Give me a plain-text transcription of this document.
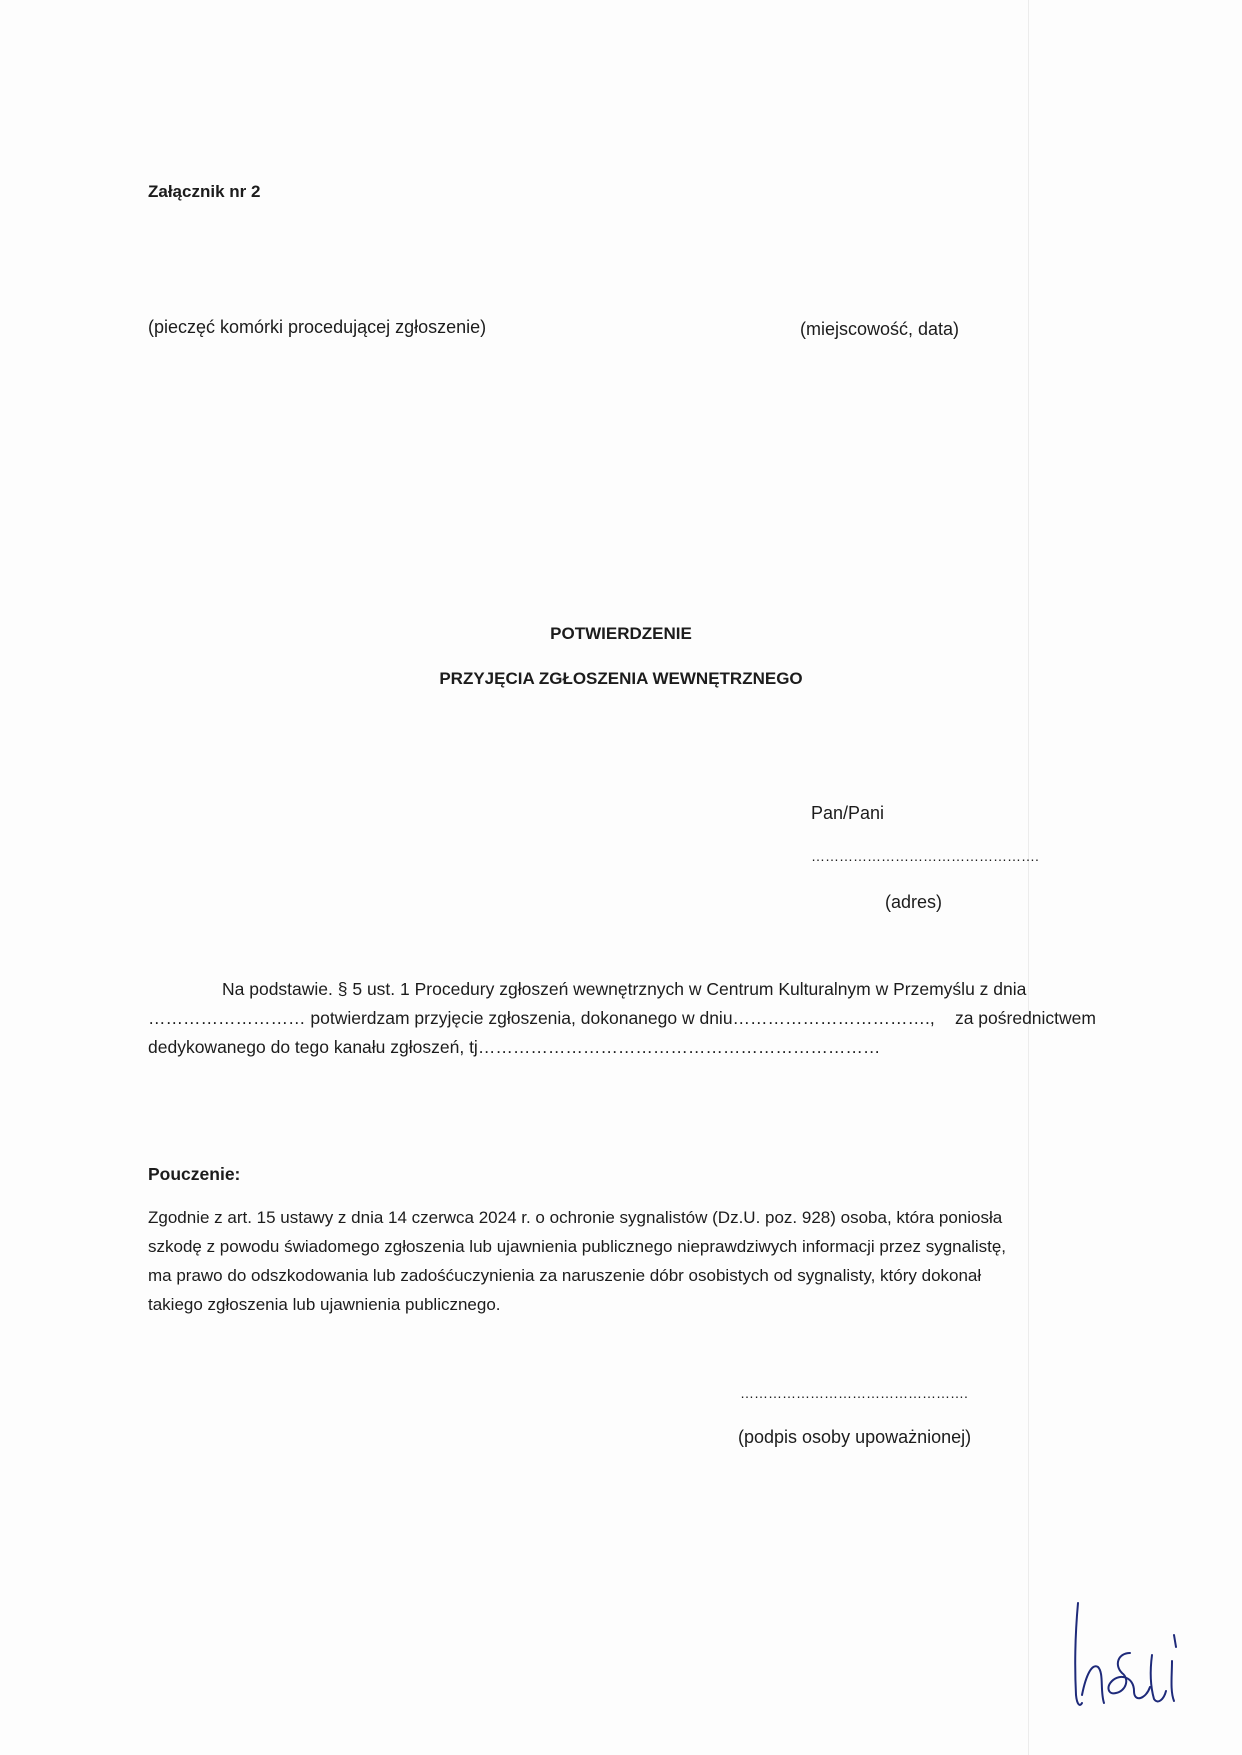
Załącznik nr 2
(pieczęć komórki procedującej zgłoszenie)	(miejscowość, data)
POTWIERDZENIE
PRZYJĘCIA ZGŁOSZENIA WEWNĘTRZNEGO
Pan/Pani
………………………………………….
(adres)
Na podstawie. § 5 ust. 1 Procedury zgłoszeń wewnętrznych w Centrum Kulturalnym w Przemyślu z dnia
……………………… potwierdzam przyjęcie zgłoszenia, dokonanego w dniu……………………………., za pośrednictwem
dedykowanego do tego kanału zgłoszeń, tj……………………………………………………………
Pouczenie:
Zgodnie z art. 15 ustawy z dnia 14 czerwca 2024 r. o ochronie sygnalistów (Dz.U. poz. 928) osoba, która poniosła
szkodę z powodu świadomego zgłoszenia lub ujawnienia publicznego nieprawdziwych informacji przez sygnalistę,
ma prawo do odszkodowania lub zadośćuczynienia za naruszenie dóbr osobistych od sygnalisty, który dokonał
takiego zgłoszenia lub ujawnienia publicznego.
………………………………………….
(podpis osoby upoważnionej)
